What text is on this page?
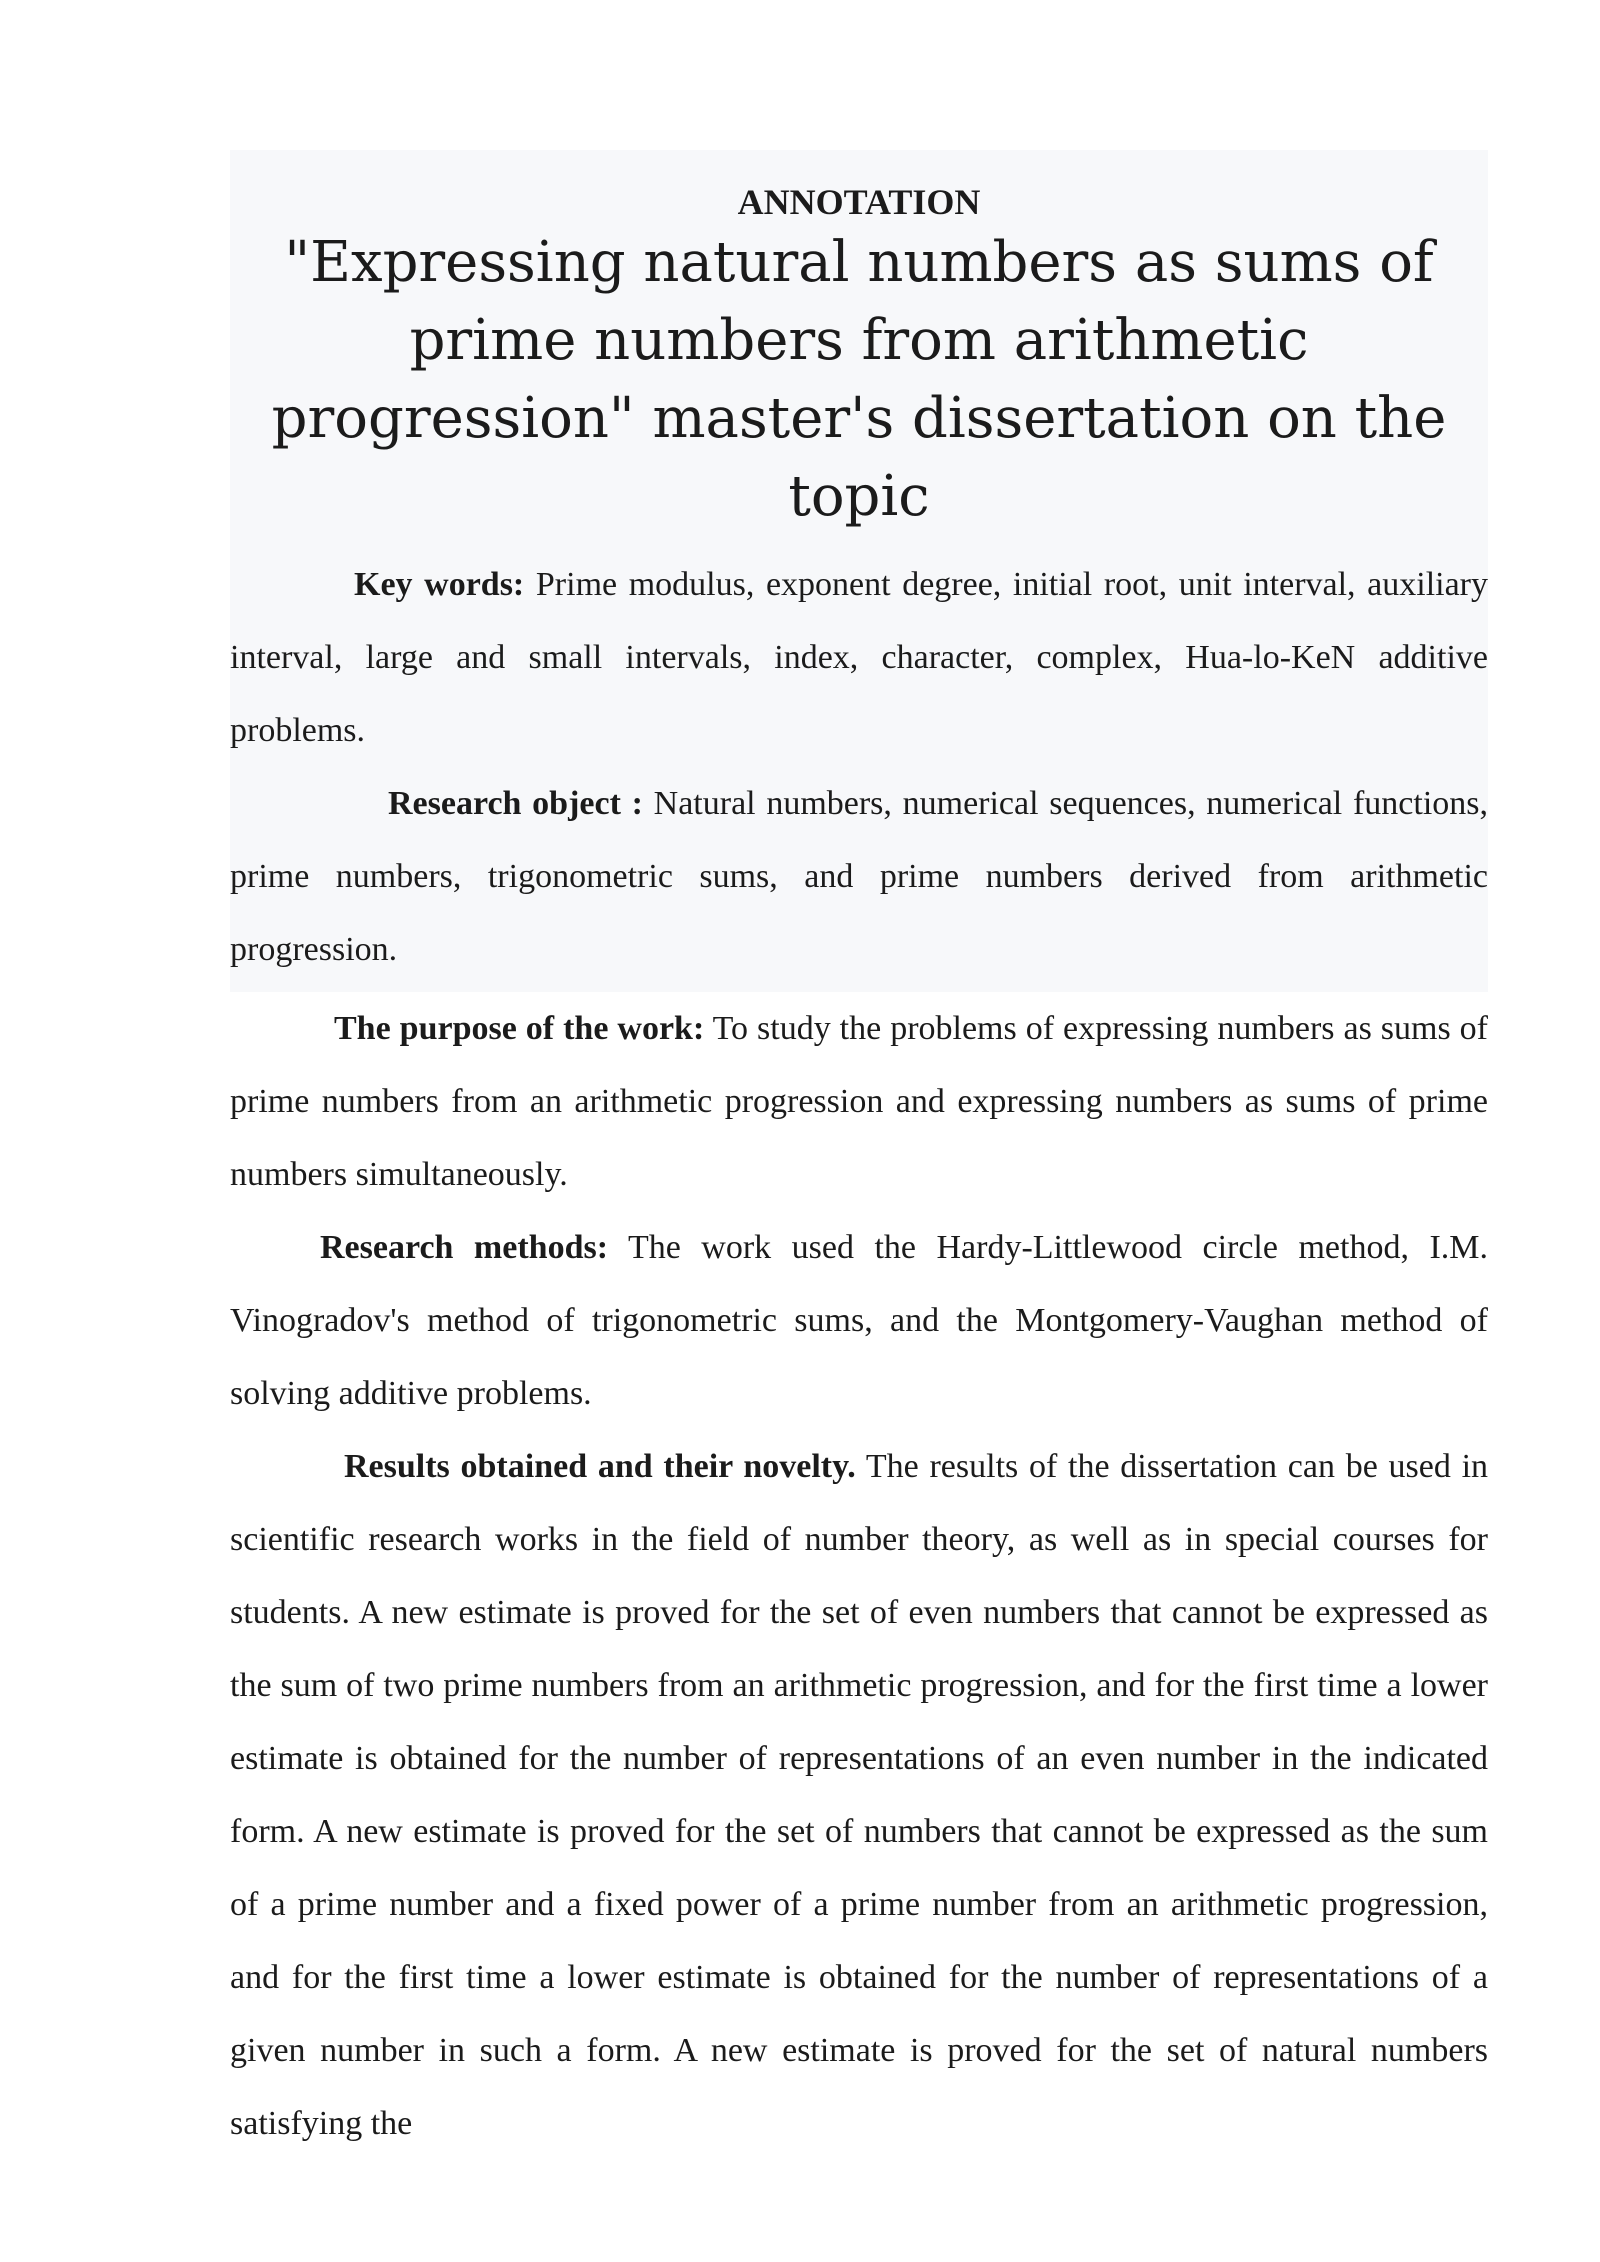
ANNOTATION
"Expressing natural numbers as sums of prime numbers from arithmetic progression" master's dissertation on the topic

Key words: Prime modulus, exponent degree, initial root, unit interval, auxiliary interval, large and small intervals, index, character, complex, Hua-lo-KeN additive problems.

Research object : Natural numbers, numerical sequences, numerical functions, prime numbers, trigonometric sums, and prime numbers derived from arithmetic progression.

The purpose of the work: To study the problems of expressing numbers as sums of prime numbers from an arithmetic progression and expressing numbers as sums of prime numbers simultaneously.

Research methods: The work used the Hardy-Littlewood circle method, I.M. Vinogradov's method of trigonometric sums, and the Montgomery-Vaughan method of solving additive problems.

Results obtained and their novelty. The results of the dissertation can be used in scientific research works in the field of number theory, as well as in special courses for students. A new estimate is proved for the set of even numbers that cannot be expressed as the sum of two prime numbers from an arithmetic progression, and for the first time a lower estimate is obtained for the number of representations of an even number in the indicated form. A new estimate is proved for the set of numbers that cannot be expressed as the sum of a prime number and a fixed power of a prime number from an arithmetic progression, and for the first time a lower estimate is obtained for the number of representations of a given number in such a form. A new estimate is proved for the set of natural numbers satisfying the
